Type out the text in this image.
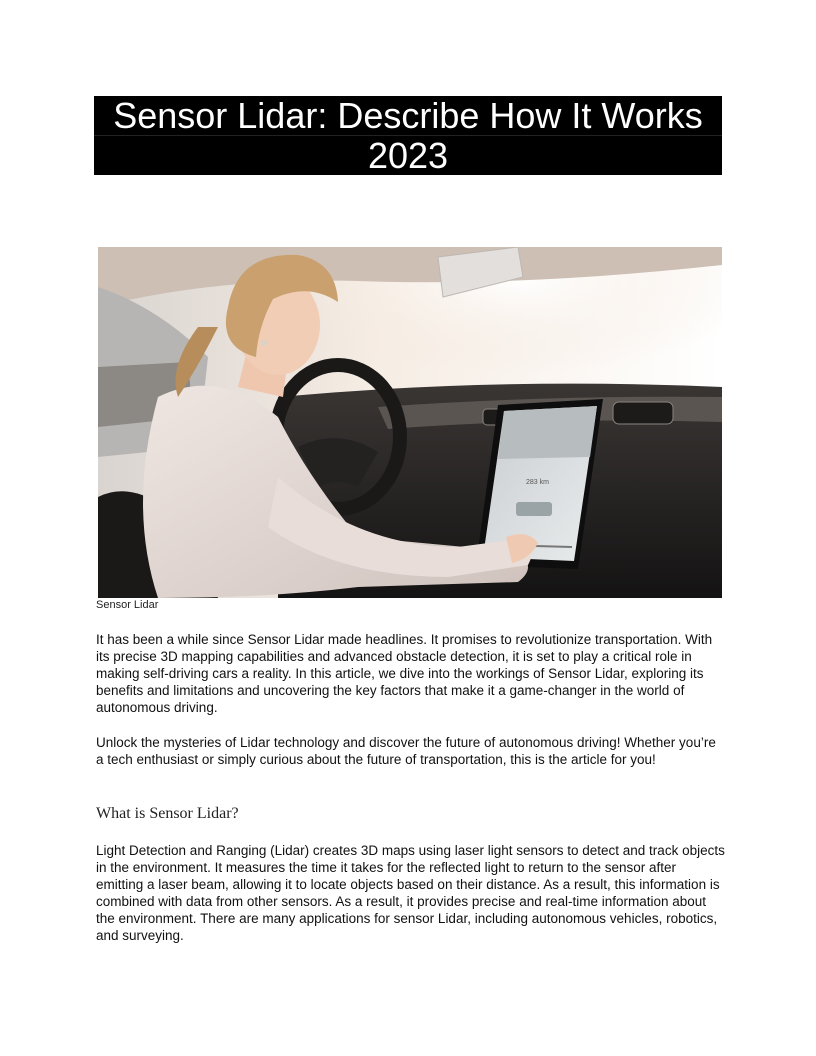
Sensor Lidar: Describe How It Works
2023
283 km
Sensor Lidar

It has been a while since Sensor Lidar made headlines. It promises to revolutionize transportation. With its precise 3D mapping capabilities and advanced obstacle detection, it is set to play a critical role in making self-driving cars a reality. In this article, we dive into the workings of Sensor Lidar, exploring its benefits and limitations and uncovering the key factors that make it a game-changer in the world of autonomous driving.

Unlock the mysteries of Lidar technology and discover the future of autonomous driving! Whether you’re a tech enthusiast or simply curious about the future of transportation, this is the article for you!

What is Sensor Lidar?

Light Detection and Ranging (Lidar) creates 3D maps using laser light sensors to detect and track objects in the environment. It measures the time it takes for the reflected light to return to the sensor after emitting a laser beam, allowing it to locate objects based on their distance. As a result, this information is combined with data from other sensors. As a result, it provides precise and real-time information about the environment. There are many applications for sensor Lidar, including autonomous vehicles, robotics, and surveying.
